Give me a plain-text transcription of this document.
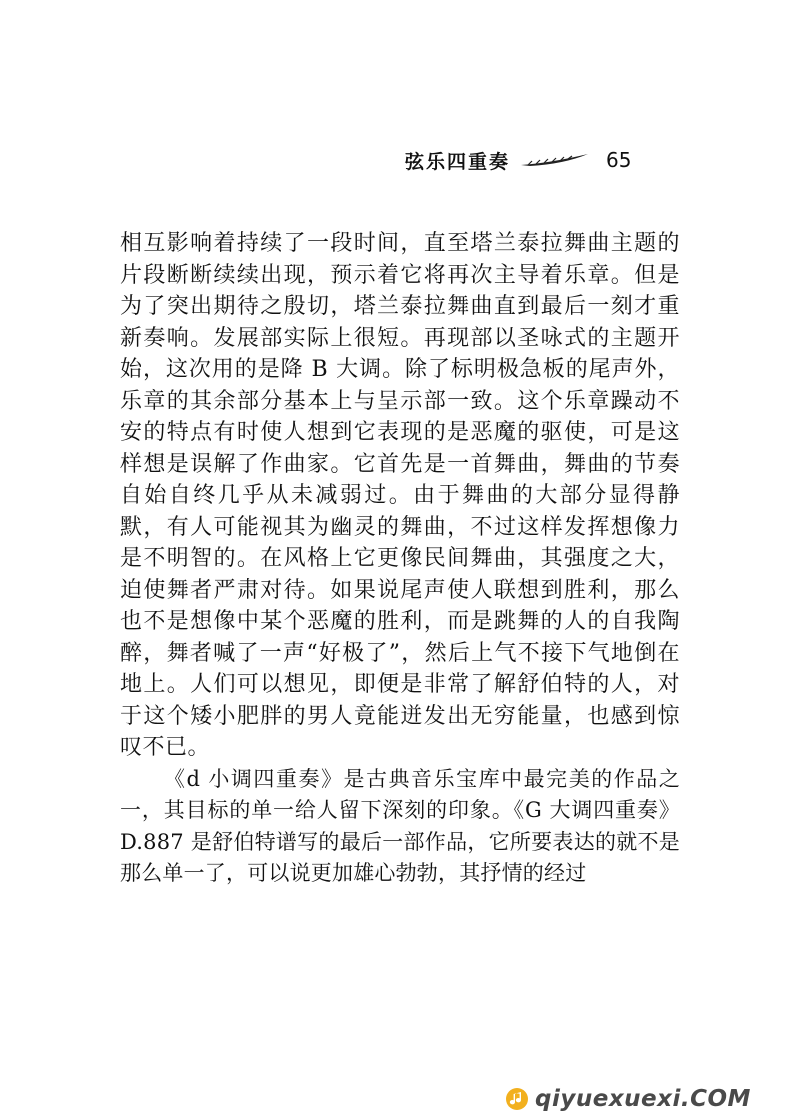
弦乐四重奏	65

相互影响着持续了一段时间，直至塔兰泰拉舞曲主题的片段断断续续出现，预示着它将再次主导着乐章。但是为了突出期待之殷切，塔兰泰拉舞曲直到最后一刻才重新奏响。发展部实际上很短。再现部以圣咏式的主题开始，这次用的是降 B 大调。除了标明极急板的尾声外，乐章的其余部分基本上与呈示部一致。这个乐章躁动不安的特点有时使人想到它表现的是恶魔的驱使，可是这样想是误解了作曲家。它首先是一首舞曲，舞曲的节奏自始自终几乎从未减弱过。由于舞曲的大部分显得静默，有人可能视其为幽灵的舞曲，不过这样发挥想像力是不明智的。在风格上它更像民间舞曲，其强度之大，迫使舞者严肃对待。如果说尾声使人联想到胜利，那么也不是想像中某个恶魔的胜利，而是跳舞的人的自我陶醉，舞者喊了一声“好极了”，然后上气不接下气地倒在地上。人们可以想见，即便是非常了解舒伯特的人，对于这个矮小肥胖的男人竟能迸发出无穷能量，也感到惊叹不已。

《d 小调四重奏》是古典音乐宝库中最完美的作品之一，其目标的单一给人留下深刻的印象。《G 大调四重奏》D.887 是舒伯特谱写的最后一部作品，它所要表达的就不是那么单一了，可以说更加雄心勃勃，其抒情的经过

qiyuexuexi.COM
